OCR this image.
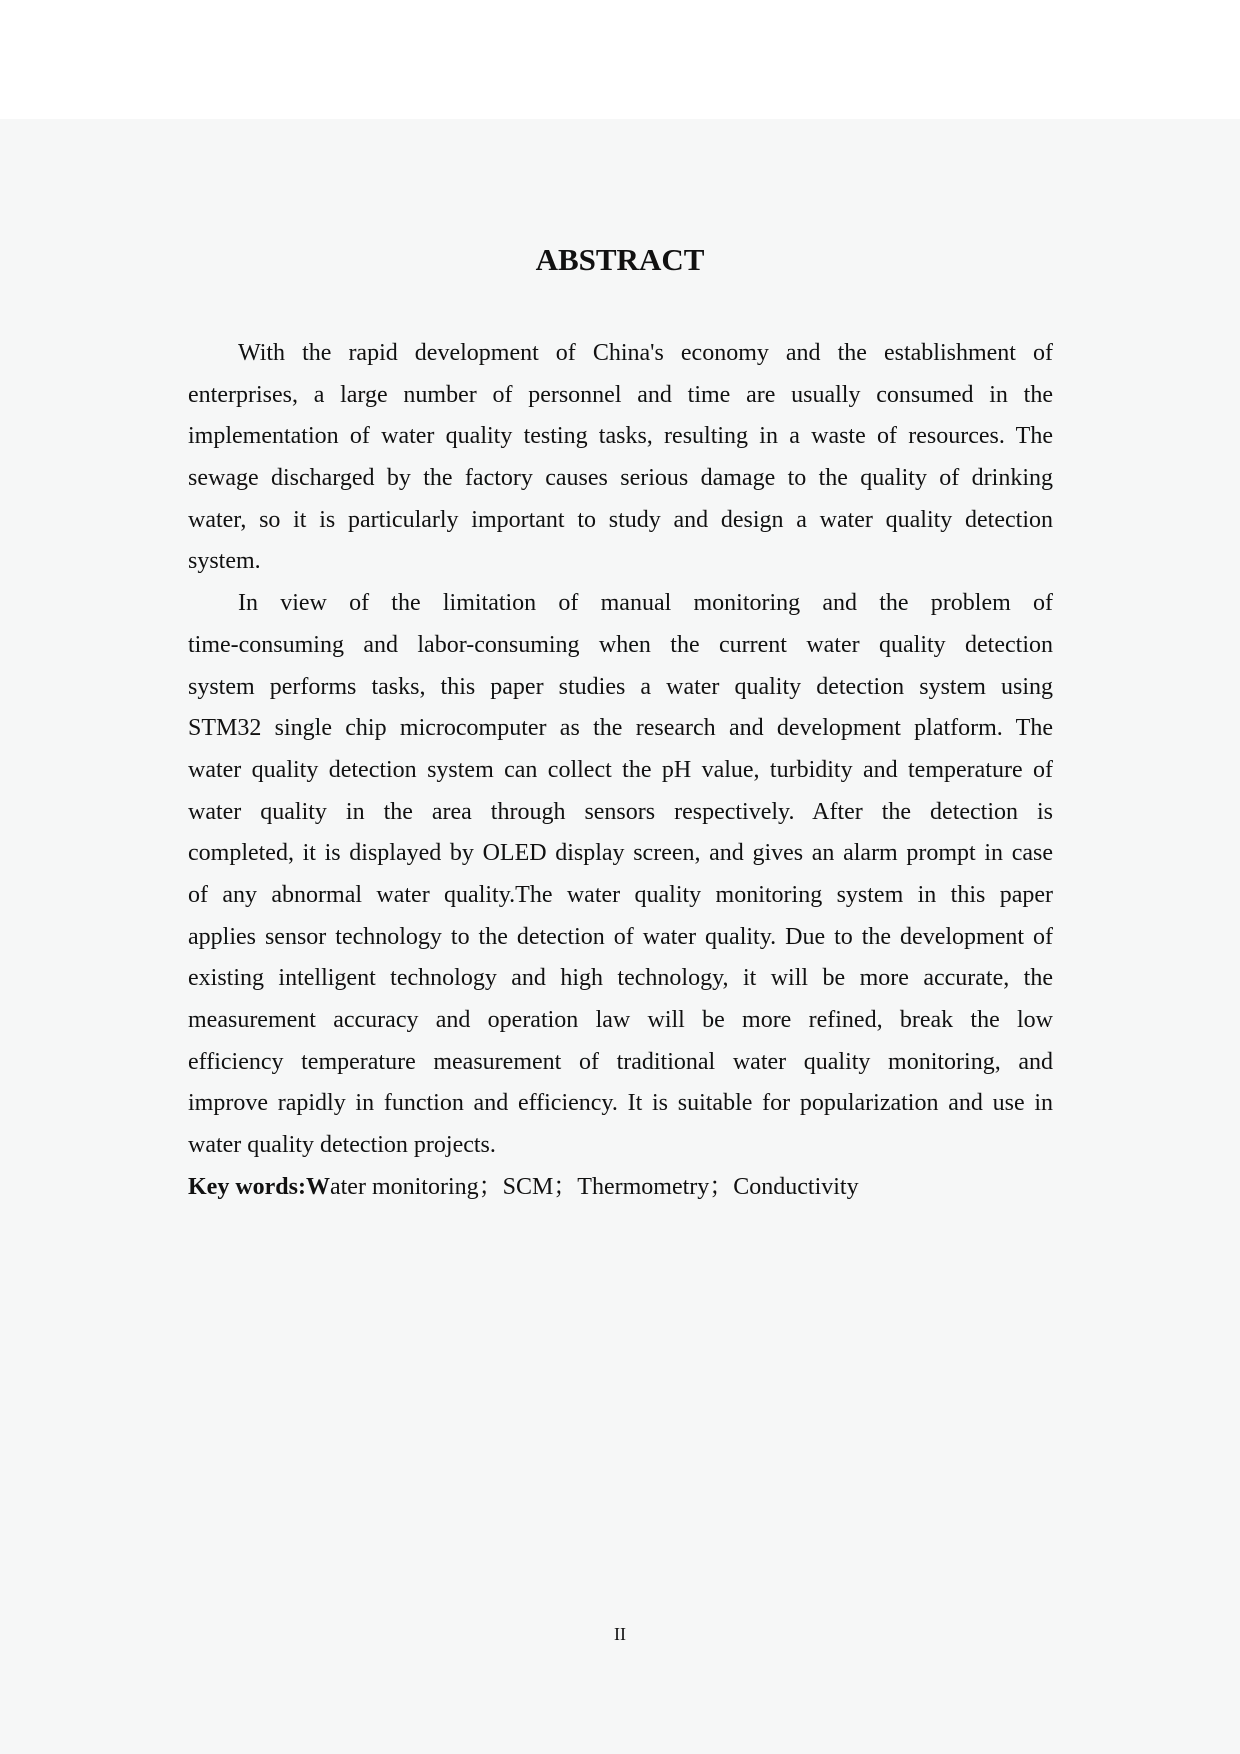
ABSTRACT
With the rapid development of China's economy and the establishment of
enterprises, a large number of personnel and time are usually consumed in the
implementation of water quality testing tasks, resulting in a waste of resources. The
sewage discharged by the factory causes serious damage to the quality of drinking
water, so it is particularly important to study and design a water quality detection
system.
In view of the limitation of manual monitoring and the problem of
time-consuming and labor-consuming when the current water quality detection
system performs tasks, this paper studies a water quality detection system using
STM32 single chip microcomputer as the research and development platform. The
water quality detection system can collect the pH value, turbidity and temperature of
water quality in the area through sensors respectively. After the detection is
completed, it is displayed by OLED display screen, and gives an alarm prompt in case
of any abnormal water quality.The water quality monitoring system in this paper
applies sensor technology to the detection of water quality. Due to the development of
existing intelligent technology and high technology, it will be more accurate, the
measurement accuracy and operation law will be more refined, break the low
efficiency temperature measurement of traditional water quality monitoring, and
improve rapidly in function and efficiency. It is suitable for popularization and use in
water quality detection projects.
Key words:Water monitoring；SCM；Thermometry；Conductivity
II
